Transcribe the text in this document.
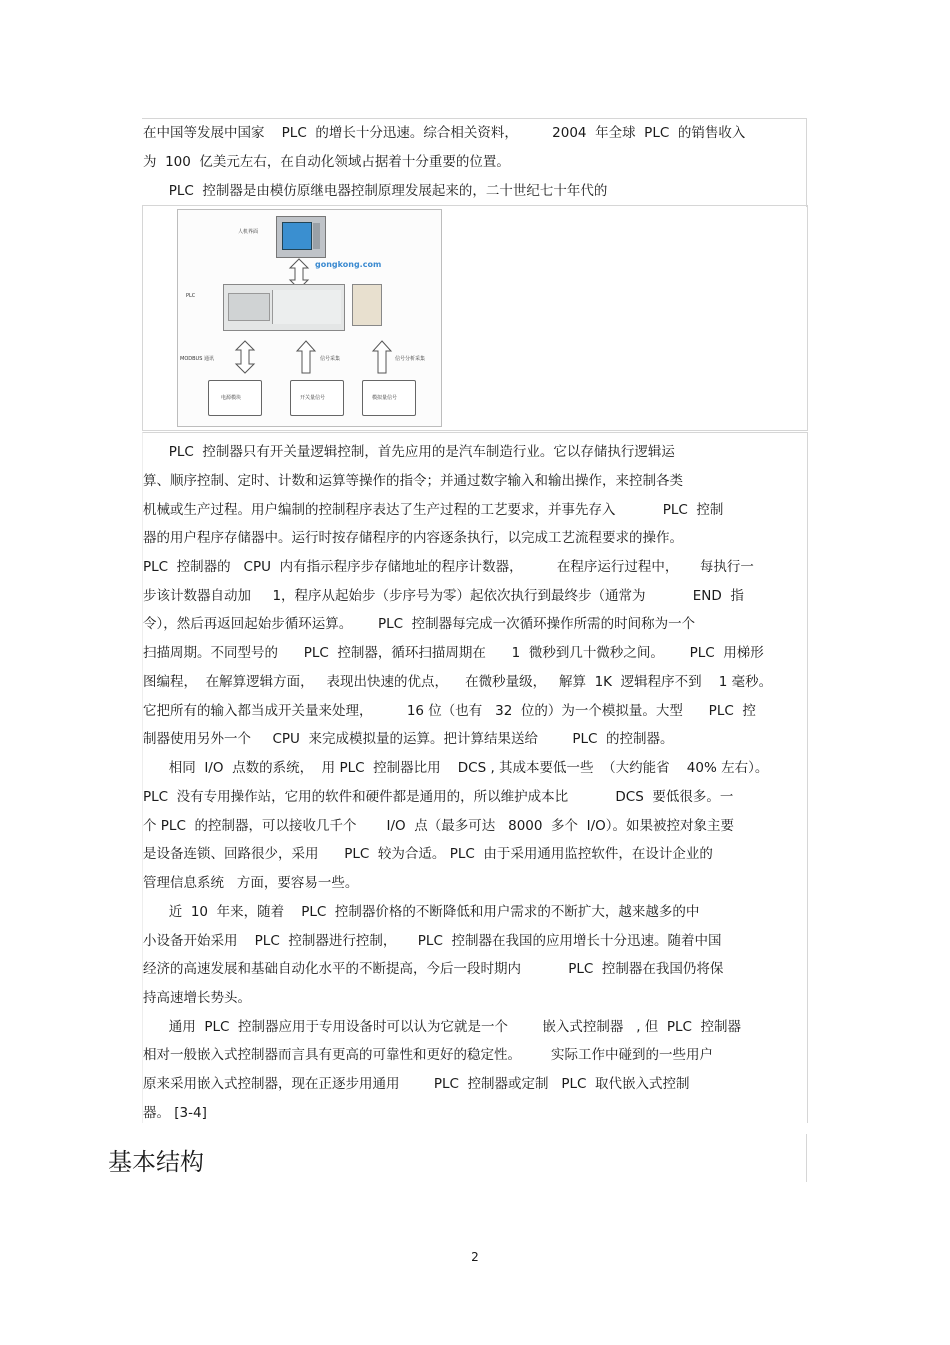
在中国等发展中国家    PLC  的增长十分迅速。综合相关资料，        2004  年全球  PLC  的销售收入
为  100  亿美元左右，在自动化领域占据着十分重要的位置。
PLC  控制器是由模仿原继电器控制原理发展起来的，二十世纪七十年代的
人机界面
gongkong.com
PLC
MODBUS 通讯	信号采集	信号分析采集
电源模块	开关量信号	模拟量信号
PLC  控制器只有开关量逻辑控制，首先应用的是汽车制造行业。它以存储执行逻辑运
算、顺序控制、定时、计数和运算等操作的指令；并通过数字输入和输出操作，来控制各类
机械或生产过程。用户编制的控制程序表达了生产过程的工艺要求，并事先存入           PLC  控制
器的用户程序存储器中。运行时按存储程序的内容逐条执行，以完成工艺流程要求的操作。
PLC  控制器的   CPU  内有指示程序步存储地址的程序计数器，        在程序运行过程中，     每执行一
步该计数器自动加     1，程序从起始步（步序号为零）起依次执行到最终步（通常为           END  指
令），然后再返回起始步循环运算。      PLC  控制器每完成一次循环操作所需的时间称为一个
扫描周期。不同型号的      PLC  控制器，循环扫描周期在      1  微秒到几十微秒之间。      PLC  用梯形
图编程，  在解算逻辑方面，   表现出快速的优点，    在微秒量级，   解算  1K  逻辑程序不到    1 毫秒。
它把所有的输入都当成开关量来处理，        16 位（也有   32  位的）为一个模拟量。大型      PLC  控
制器使用另外一个     CPU  来完成模拟量的运算。把计算结果送给        PLC  的控制器。
相同  I/O  点数的系统，  用 PLC  控制器比用    DCS , 其成本要低一些  （大约能省    40% 左右）。
PLC  没有专用操作站，它用的软件和硬件都是通用的，所以维护成本比           DCS  要低很多。一
个 PLC  的控制器，可以接收几千个       I/O  点（最多可达   8000  多个  I/O）。如果被控对象主要
是设备连锁、回路很少，采用      PLC  较为合适。 PLC  由于采用通用监控软件，在设计企业的
管理信息系统   方面，要容易一些。
近  10  年来，随着    PLC  控制器价格的不断降低和用户需求的不断扩大，越来越多的中
小设备开始采用    PLC  控制器进行控制，     PLC  控制器在我国的应用增长十分迅速。随着中国
经济的高速发展和基础自动化水平的不断提高，今后一段时期内           PLC  控制器在我国仍将保
持高速增长势头。
通用  PLC  控制器应用于专用设备时可以认为它就是一个        嵌入式控制器   , 但  PLC  控制器
相对一般嵌入式控制器而言具有更高的可靠性和更好的稳定性。       实际工作中碰到的一些用户
原来采用嵌入式控制器，现在正逐步用通用        PLC  控制器或定制   PLC  取代嵌入式控制
器。 [3-4]
基本结构
2
